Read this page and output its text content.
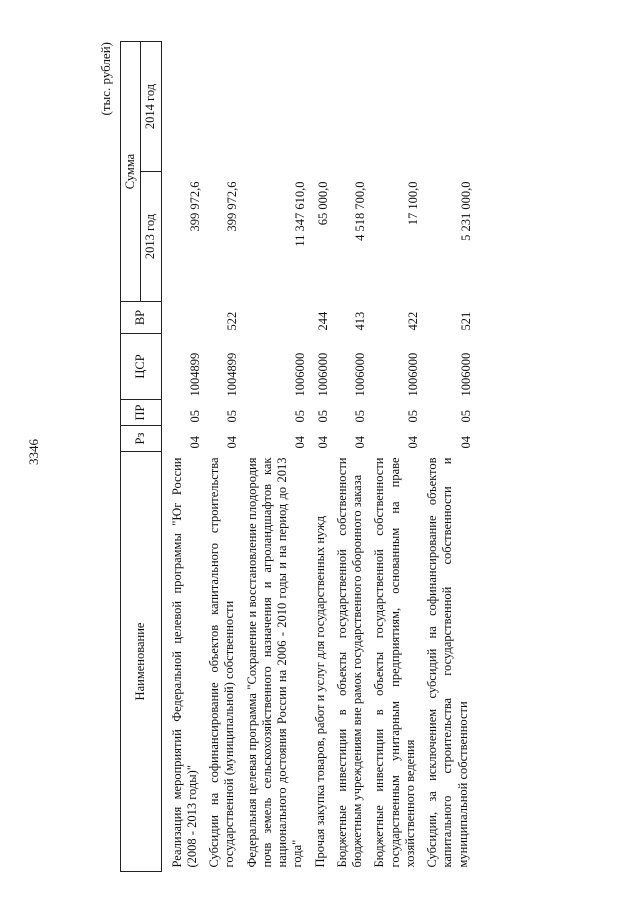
3346
(тыс. рублей)
Наименование	Рз	ПР	ЦСР	ВР	Сумма	
					2013 год	2014 год

Реализация мероприятий Федеральной целевой программы "Юг России (2008 - 2013 годы)"	04	05	1004899		399 972,6	
Субсидии на софинансирование объектов капитального строительства государственной (муниципальной) собственности	04	05	1004899	522	399 972,6	
Федеральная целевая программа "Сохранение и восстановление плодородия почв земель сельскохозяйственного назначения и агроландшафтов как национального достояния России на 2006 - 2010 годы и на период до 2013 года"	04	05	1006000		11 347 610,0	
Прочая закупка товаров, работ и услуг для государственных нужд	04	05	1006000	244	65 000,0	
Бюджетные инвестиции в объекты государственной собственности бюджетным учреждениям вне рамок государственного оборонного заказа	04	05	1006000	413	4 518 700,0	
Бюджетные инвестиции в объекты государственной собственности государственным унитарным предприятиям, основанным на праве хозяйственного ведения	04	05	1006000	422	17 100,0	
Субсидии, за исключением субсидий на софинансирование объектов капитального строительства государственной собственности и муниципальной собственности	04	05	1006000	521	5 231 000,0	
